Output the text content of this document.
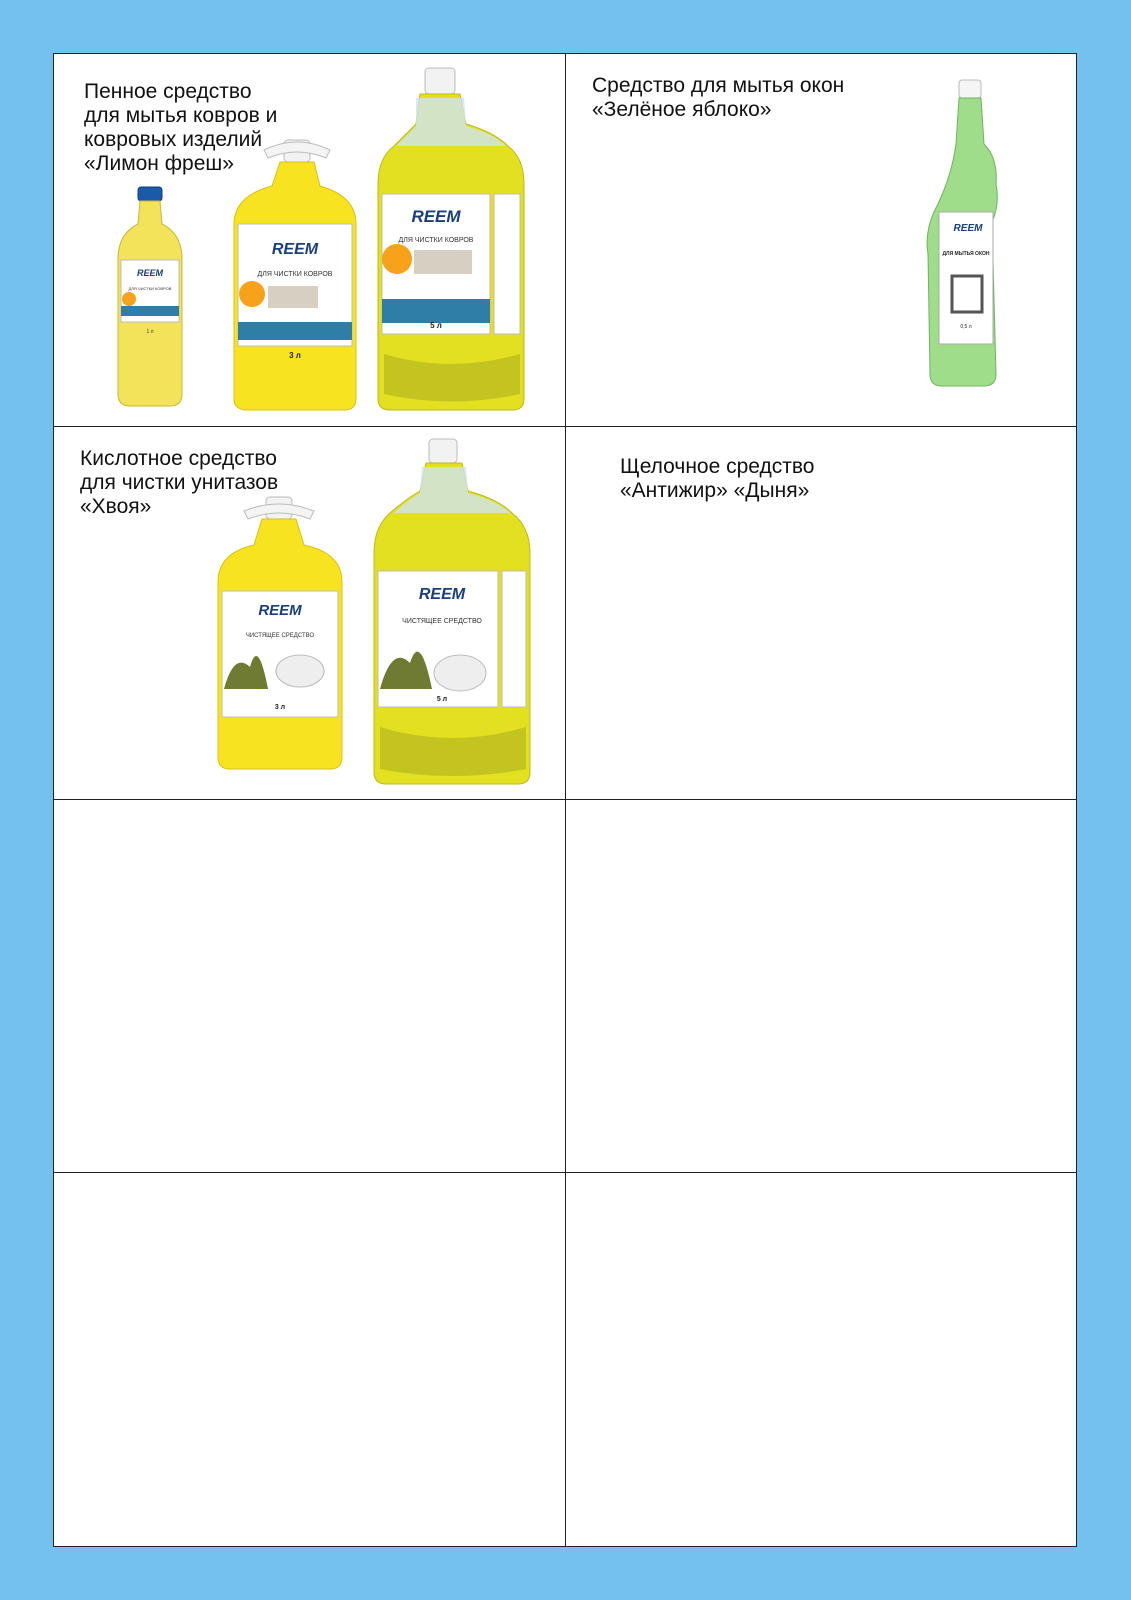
REEM
ДЛЯ ЧИСТКИ КОВРОВ
1 л
REEM
ДЛЯ ЧИСТКИ КОВРОВ
3 л
REEM
ДЛЯ ЧИСТКИ КОВРОВ
5 л
Пенное средство
для мытья ковров и
ковровых изделий
«Лимон фреш»
REEM
ДЛЯ МЫТЬЯ ОКОН
0,5 л
Средство для мытья окон
«Зелёное яблоко»
REEM
ЧИСТЯЩЕЕ СРЕДСТВО
3 л
REEM
ЧИСТЯЩЕЕ СРЕДСТВО
5 л
Кислотное средство
для чистки унитазов
«Хвоя»
Щелочное средство
«Антижир» «Дыня»
